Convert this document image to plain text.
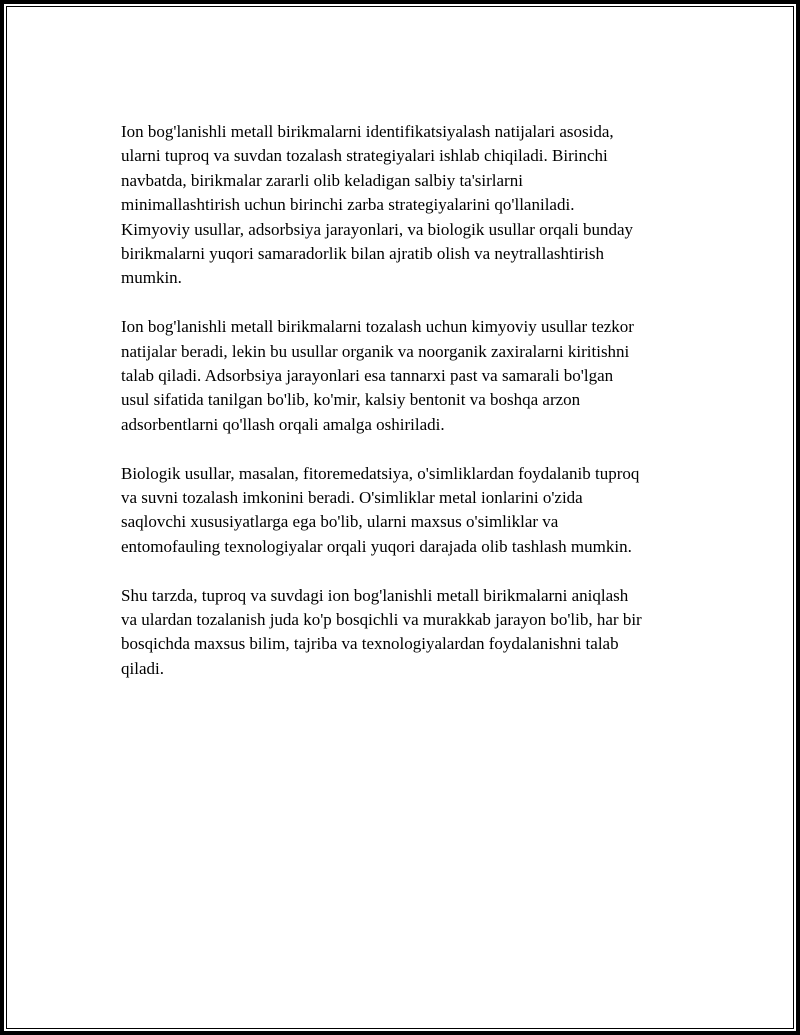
Ion bog'lanishli metall birikmalarni identifikatsiyalash natijalari asosida,
ularni tuproq va suvdan tozalash strategiyalari ishlab chiqiladi. Birinchi
navbatda, birikmalar zararli olib keladigan salbiy ta'sirlarni
minimallashtirish uchun birinchi zarba strategiyalarini qo'llaniladi.
Kimyoviy usullar, adsorbsiya jarayonlari, va biologik usullar orqali bunday
birikmalarni yuqori samaradorlik bilan ajratib olish va neytrallashtirish
mumkin.

Ion bog'lanishli metall birikmalarni tozalash uchun kimyoviy usullar tezkor
natijalar beradi, lekin bu usullar organik va noorganik zaxiralarni kiritishni
talab qiladi. Adsorbsiya jarayonlari esa tannarxi past va samarali bo'lgan
usul sifatida tanilgan bo'lib, ko'mir, kalsiy bentonit va boshqa arzon
adsorbentlarni qo'llash orqali amalga oshiriladi.

Biologik usullar, masalan, fitoremedatsiya, o'simliklardan foydalanib tuproq
va suvni tozalash imkonini beradi. O'simliklar metal ionlarini o'zida
saqlovchi xususiyatlarga ega bo'lib, ularni maxsus o'simliklar va
entomofauling texnologiyalar orqali yuqori darajada olib tashlash mumkin.

Shu tarzda, tuproq va suvdagi ion bog'lanishli metall birikmalarni aniqlash
va ulardan tozalanish juda ko'p bosqichli va murakkab jarayon bo'lib, har bir
bosqichda maxsus bilim, tajriba va texnologiyalardan foydalanishni talab
qiladi.
